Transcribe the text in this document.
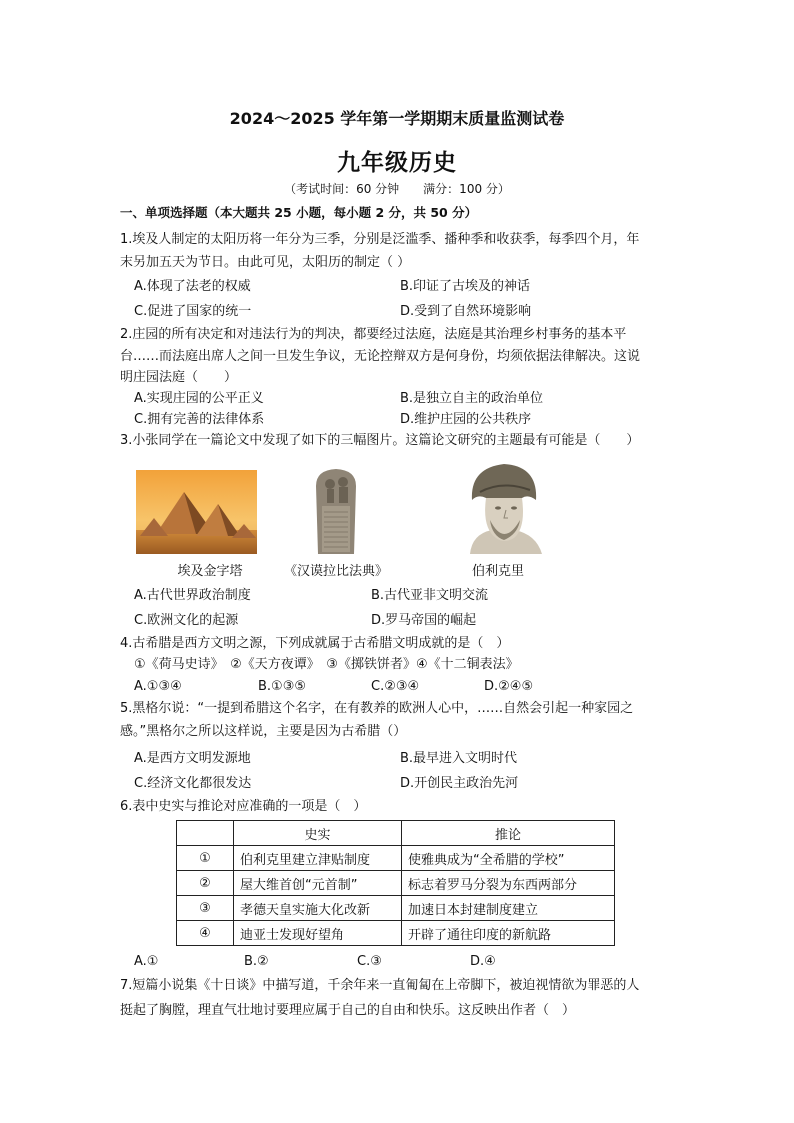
2024～2025 学年第一学期期末质量监测试卷
九年级历史
（考试时间：60 分钟　　满分：100 分）
一、单项选择题（本大题共 25 小题，每小题 2 分，共 50 分）
1.埃及人制定的太阳历将一年分为三季，分别是泛滥季、播种季和收获季，每季四个月，年
末另加五天为节日。由此可见，太阳历的制定（ ）
A.体现了法老的权威	B.印证了古埃及的神话
C.促进了国家的统一	D.受到了自然环境影响
2.庄园的所有决定和对违法行为的判决，都要经过法庭，法庭是其治理乡村事务的基本平
台……而法庭出席人之间一旦发生争议，无论控辩双方是何身份，均须依据法律解决。这说
明庄园法庭（　　）
A.实现庄园的公平正义	B.是独立自主的政治单位
C.拥有完善的法律体系	D.维护庄园的公共秩序
3.小张同学在一篇论文中发现了如下的三幅图片。这篇论文研究的主题最有可能是（　　）
埃及金字塔	《汉谟拉比法典》	伯利克里
A.古代世界政治制度	B.古代亚非文明交流
C.欧洲文化的起源	D.罗马帝国的崛起
4.古希腊是西方文明之源，下列成就属于古希腊文明成就的是（　）
①《荷马史诗》　②《天方夜谭》　③《掷铁饼者》④《十二铜表法》
A.①③④	B.①③⑤	C.②③④	D.②④⑤
5.黑格尔说：“一提到希腊这个名字，在有教养的欧洲人心中，……自然会引起一种家园之
感。”黑格尔之所以这样说，主要是因为古希腊（）
A.是西方文明发源地	B.最早进入文明时代
C.经济文化都很发达	D.开创民主政治先河
6.表中史实与推论对应准确的一项是（　）
	史实	推论
①	伯利克里建立津贴制度	使雅典成为“全希腊的学校”
②	屋大维首创“元首制”	标志着罗马分裂为东西两部分
③	孝德天皇实施大化改新	加速日本封建制度建立
④	迪亚士发现好望角	开辟了通往印度的新航路
A.①	B.②	C.③	D.④
7.短篇小说集《十日谈》中描写道，千余年来一直匍匐在上帝脚下，被迫视情欲为罪恶的人
挺起了胸膛，理直气壮地讨要理应属于自己的自由和快乐。这反映出作者（　）
